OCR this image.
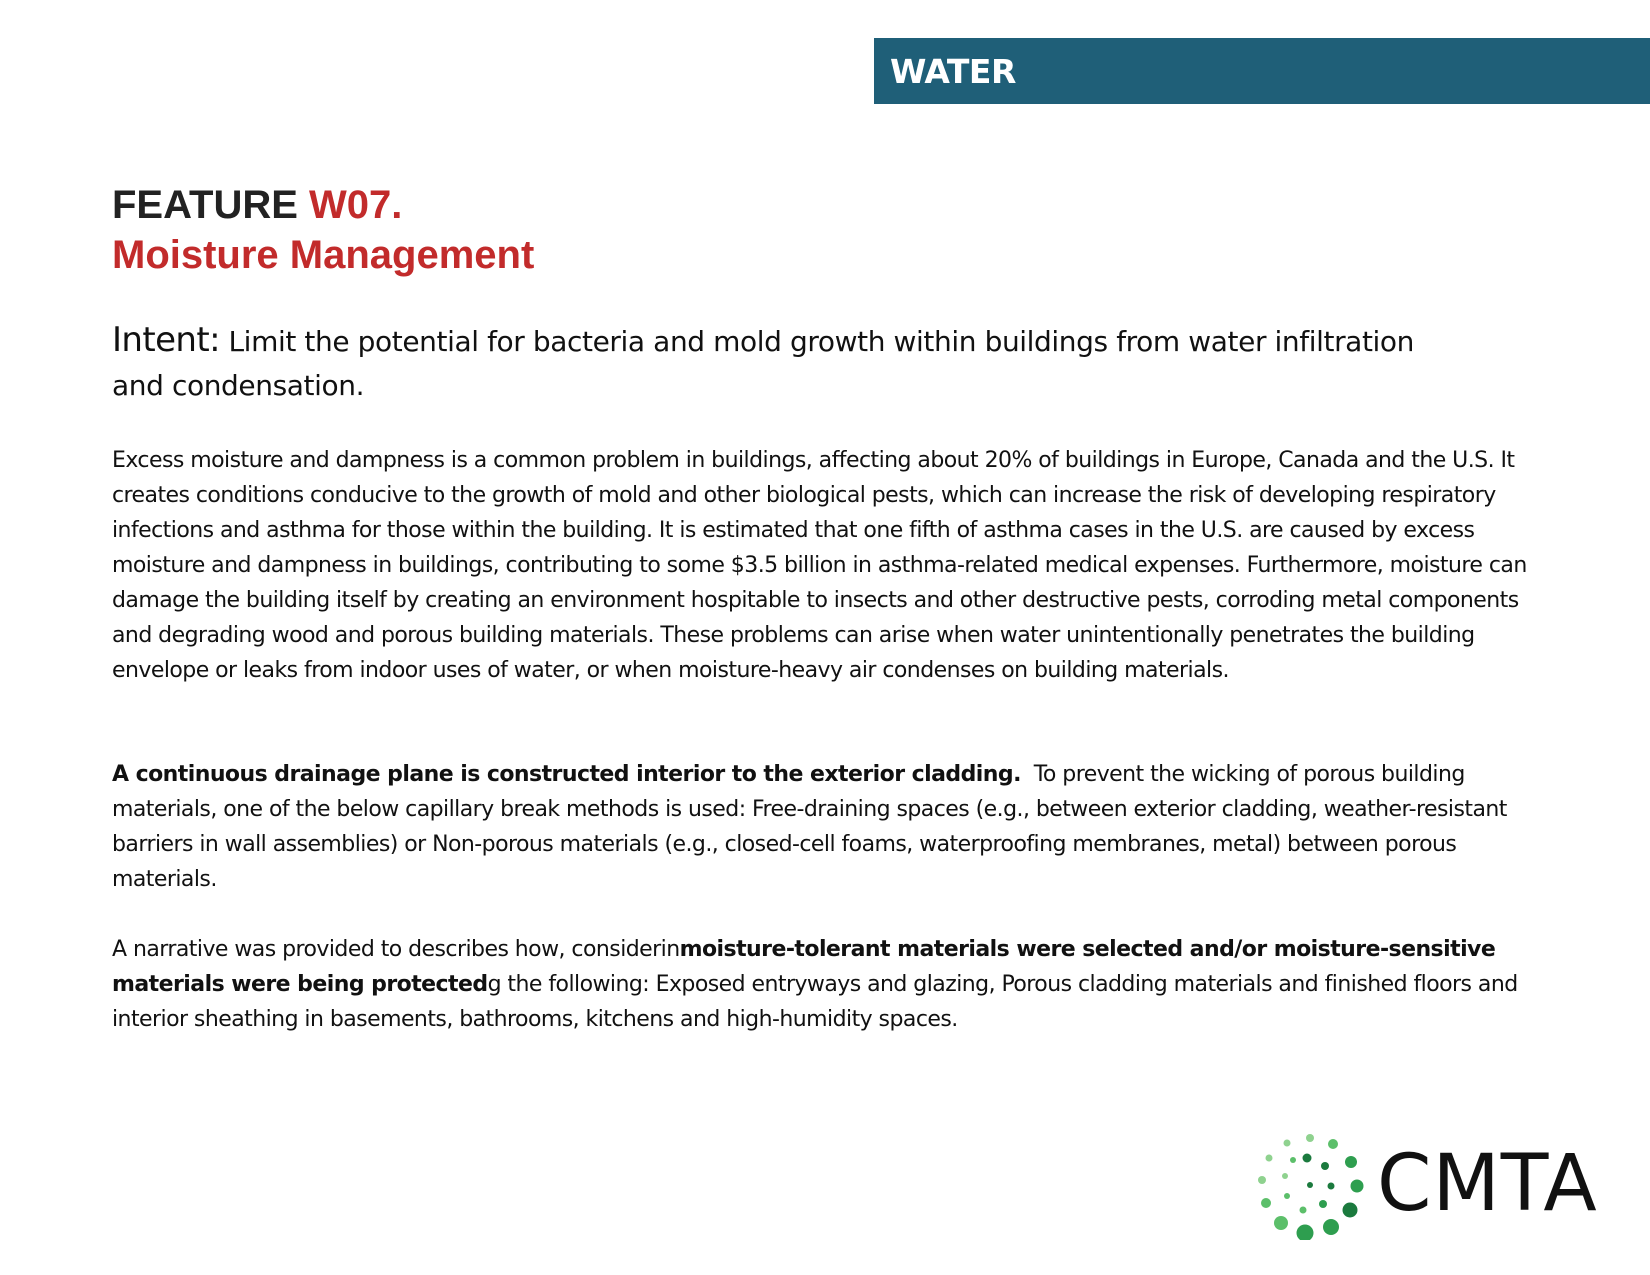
WATER
FEATURE W07.
Moisture Management

Intent: Limit the potential for bacteria and mold growth within buildings from water infiltration and condensation.

Excess moisture and dampness is a common problem in buildings, affecting about 20% of buildings in Europe, Canada and the U.S. It creates conditions conducive to the growth of mold and other biological pests, which can increase the risk of developing respiratory infections and asthma for those within the building. It is estimated that one fifth of asthma cases in the U.S. are caused by excess moisture and dampness in buildings, contributing to some $3.5 billion in asthma-related medical expenses. Furthermore, moisture can damage the building itself by creating an environment hospitable to insects and other destructive pests, corroding metal components and degrading wood and porous building materials. These problems can arise when water unintentionally penetrates the building envelope or leaks from indoor uses of water, or when moisture-heavy air condenses on building materials.

A continuous drainage plane is constructed interior to the exterior cladding. To prevent the wicking of porous building materials, one of the below capillary break methods is used: Free-draining spaces (e.g., between exterior cladding, weather-resistant barriers in wall assemblies) or Non-porous materials (e.g., closed-cell foams, waterproofing membranes, metal) between porous materials.

A narrative was provided to describes how, considerinmoisture-tolerant materials were selected and/or moisture-sensitive materials were being protectedg the following: Exposed entryways and glazing, Porous cladding materials and finished floors and interior sheathing in basements, bathrooms, kitchens and high-humidity spaces.

CMTA
